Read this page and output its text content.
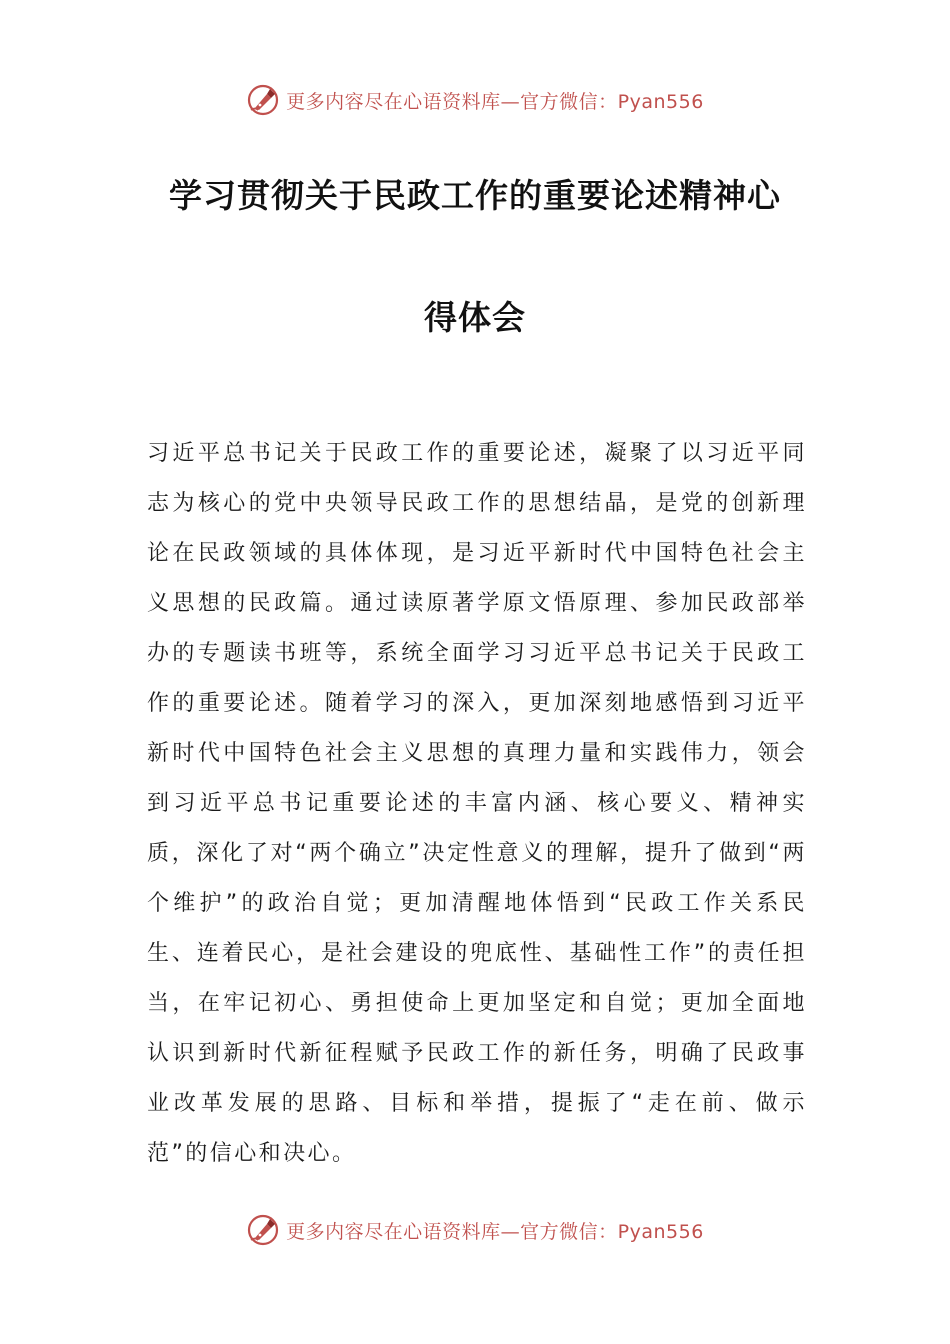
更多内容尽在心语资料库—官方微信：Pyan556
学习贯彻关于民政工作的重要论述精神心
得体会

习近平总书记关于民政工作的重要论述，凝聚了以习近平同志为核心的党中央领导民政工作的思想结晶，是党的创新理论在民政领域的具体体现，是习近平新时代中国特色社会主义思想的民政篇。通过读原著学原文悟原理、参加民政部举办的专题读书班等，系统全面学习习近平总书记关于民政工作的重要论述。随着学习的深入，更加深刻地感悟到习近平新时代中国特色社会主义思想的真理力量和实践伟力，领会到习近平总书记重要论述的丰富内涵、核心要义、精神实质，深化了对“两个确立”决定性意义的理解，提升了做到“两个维护”的政治自觉；更加清醒地体悟到“民政工作关系民生、连着民心，是社会建设的兜底性、基础性工作”的责任担当，在牢记初心、勇担使命上更加坚定和自觉；更加全面地认识到新时代新征程赋予民政工作的新任务，明确了民政事业改革发展的思路、目标和举措，提振了“走在前、做示范”的信心和决心。

更多内容尽在心语资料库—官方微信：Pyan556
